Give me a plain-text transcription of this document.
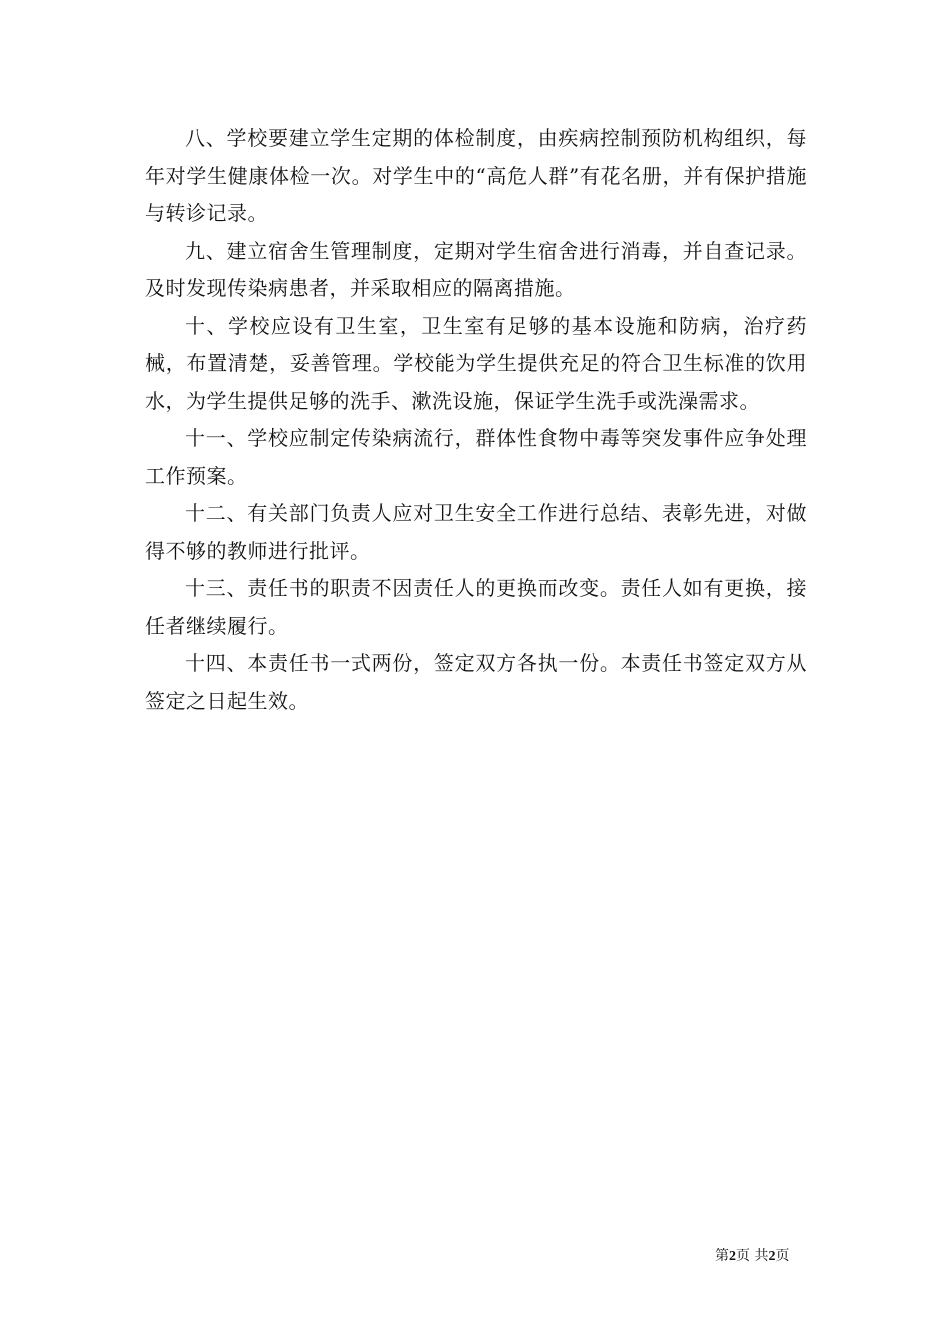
八、学校要建立学生定期的体检制度，由疾病控制预防机构组织，每年对学生健康体检一次。对学生中的“高危人群”有花名册，并有保护措施与转诊记录。

九、建立宿舍生管理制度，定期对学生宿舍进行消毒，并自查记录。及时发现传染病患者，并采取相应的隔离措施。

十、学校应设有卫生室，卫生室有足够的基本设施和防病，治疗药械，布置清楚，妥善管理。学校能为学生提供充足的符合卫生标准的饮用水，为学生提供足够的洗手、漱洗设施，保证学生洗手或洗澡需求。

十一、学校应制定传染病流行，群体性食物中毒等突发事件应争处理工作预案。

十二、有关部门负责人应对卫生安全工作进行总结、表彰先进，对做得不够的教师进行批评。

十三、责任书的职责不因责任人的更换而改变。责任人如有更换，接任者继续履行。

十四、本责任书一式两份，签定双方各执一份。本责任书签定双方从签定之日起生效。

第2页 共2页
